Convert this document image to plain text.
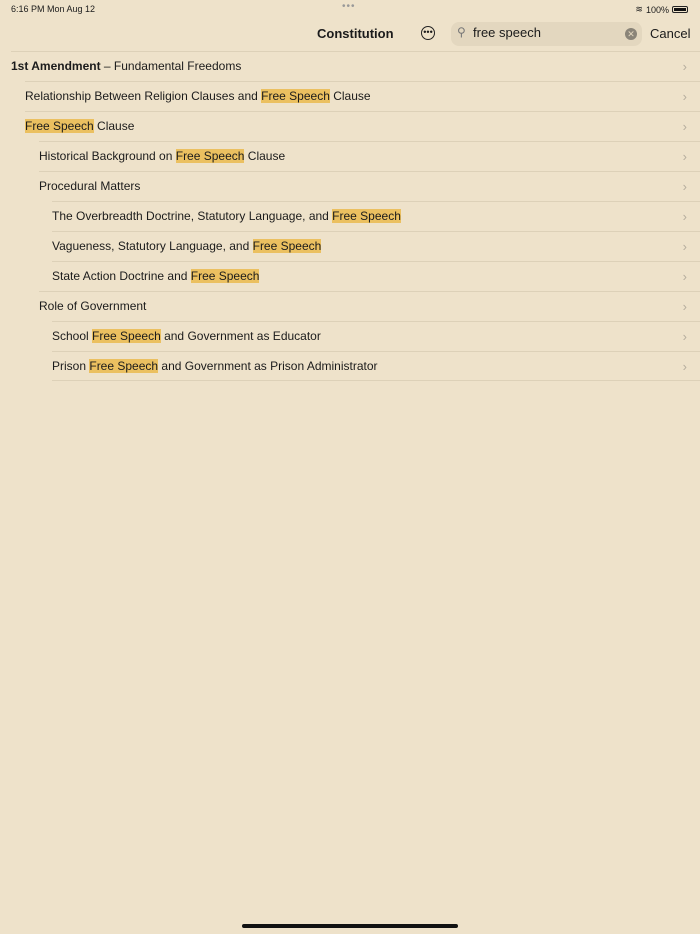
6:16 PM Mon Aug 12	•••	≋ 100%
Constitution	••• ⚲
free speech	✕ Cancel
1st Amendment – Fundamental Freedoms	›
Relationship Between Religion Clauses and Free Speech Clause	›
Free Speech Clause	›
Historical Background on Free Speech Clause	›
Procedural Matters	›
The Overbreadth Doctrine, Statutory Language, and Free Speech	›
Vagueness, Statutory Language, and Free Speech	›
State Action Doctrine and Free Speech	›
Role of Government	›
School Free Speech and Government as Educator	›
Prison Free Speech and Government as Prison Administrator	›
